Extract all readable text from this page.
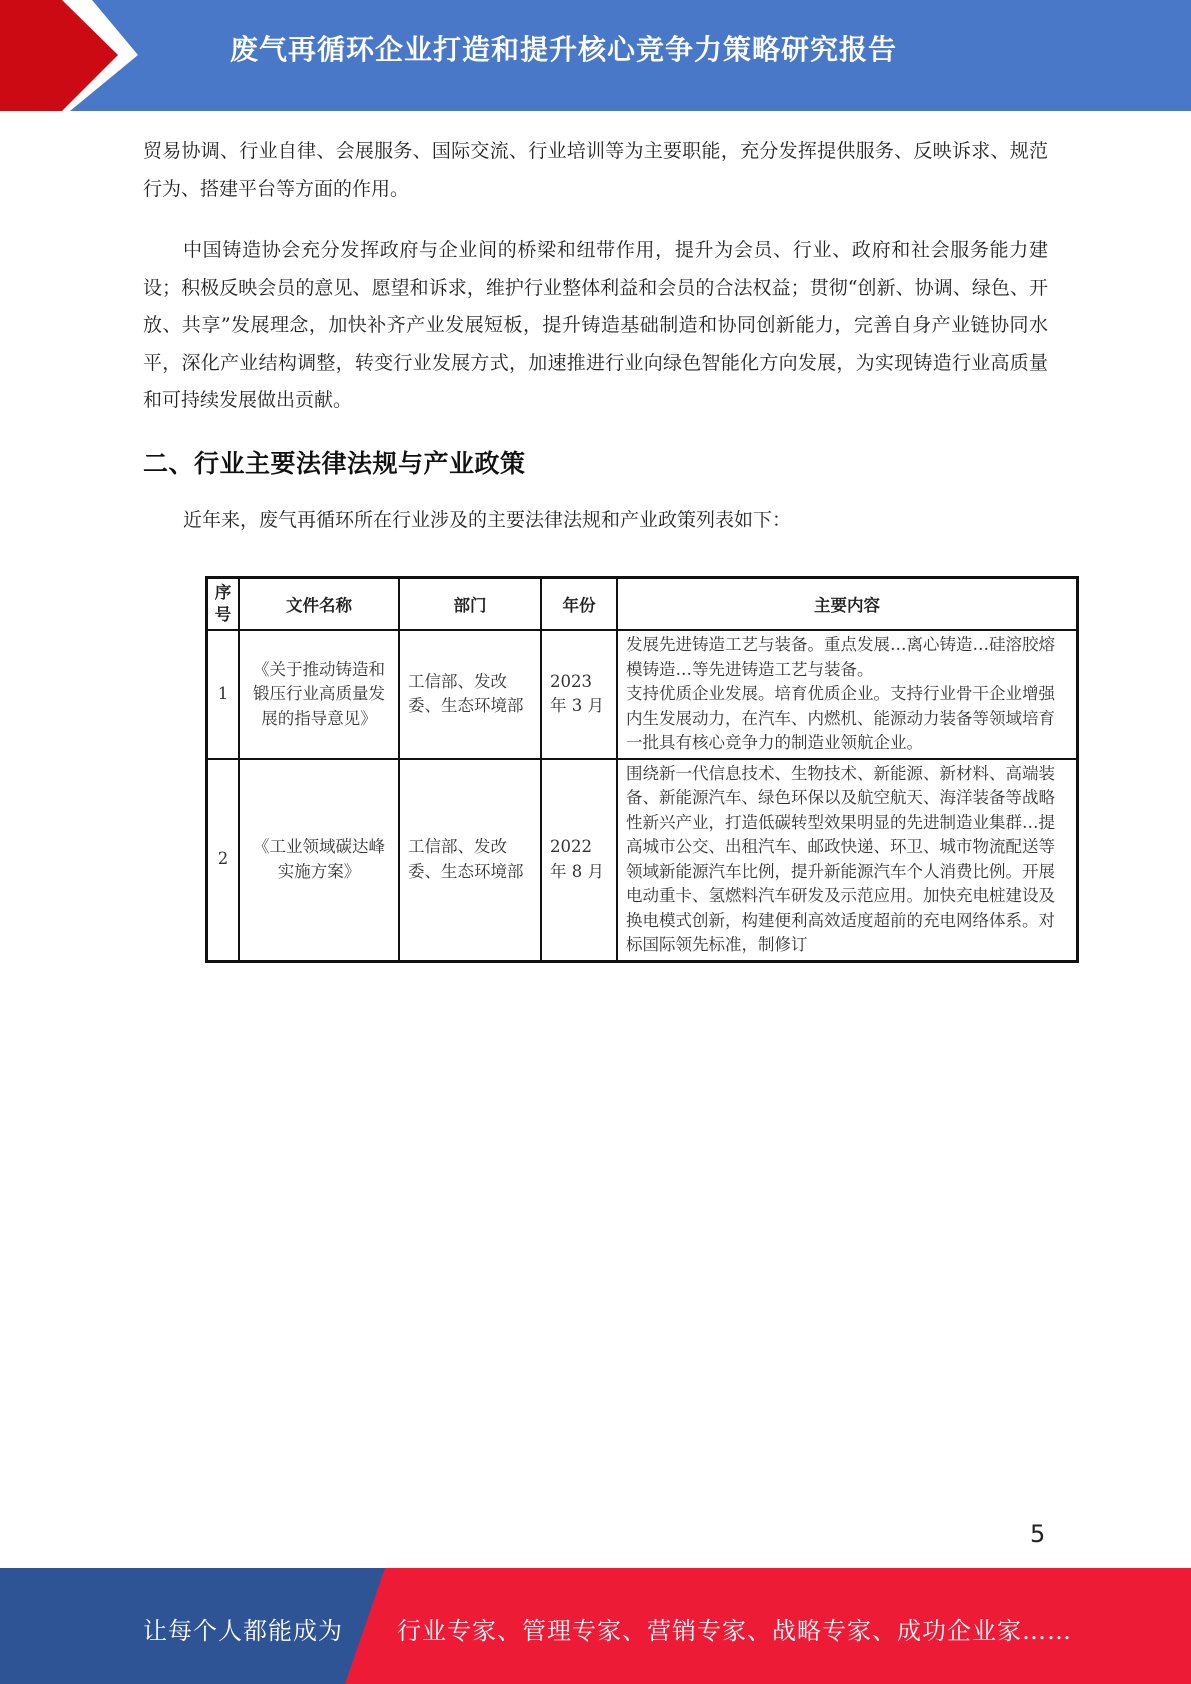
废气再循环企业打造和提升核心竞争力策略研究报告

贸易协调、行业自律、会展服务、国际交流、行业培训等为主要职能，充分发挥提供服务、反映诉求、规范行为、搭建平台等方面的作用。

中国铸造协会充分发挥政府与企业间的桥梁和纽带作用，提升为会员、行业、政府和社会服务能力建设；积极反映会员的意见、愿望和诉求，维护行业整体利益和会员的合法权益；贯彻“创新、协调、绿色、开放、共享”发展理念，加快补齐产业发展短板，提升铸造基础制造和协同创新能力，完善自身产业链协同水平，深化产业结构调整，转变行业发展方式，加速推进行业向绿色智能化方向发展，为实现铸造行业高质量和可持续发展做出贡献。

二、行业主要法律法规与产业政策

近年来，废气再循环所在行业涉及的主要法律法规和产业政策列表如下：

序号	文件名称	部门	年份	主要内容
1	《关于推动铸造和锻压行业高质量发展的指导意见》	工信部、发改委、生态环境部	2023 年 3 月	发展先进铸造工艺与装备。重点发展…离心铸造…硅溶胶熔模铸造…等先进铸造工艺与装备。
支持优质企业发展。培育优质企业。支持行业骨干企业增强内生发展动力，在汽车、内燃机、能源动力装备等领域培育一批具有核心竞争力的制造业领航企业。

2	《工业领域碳达峰实施方案》	工信部、发改委、生态环境部	2022 年 8 月	围绕新一代信息技术、生物技术、新能源、新材料、高端装备、新能源汽车、绿色环保以及航空航天、海洋装备等战略性新兴产业，打造低碳转型效果明显的先进制造业集群…提高城市公交、出租汽车、邮政快递、环卫、城市物流配送等领域新能源汽车比例，提升新能源汽车个人消费比例。开展电动重卡、氢燃料汽车研发及示范应用。加快充电桩建设及换电模式创新，构建便利高效适度超前的充电网络体系。对标国际领先标准，制修订
5
让每个人都能成为 行业专家、管理专家、营销专家、战略专家、成功企业家……
